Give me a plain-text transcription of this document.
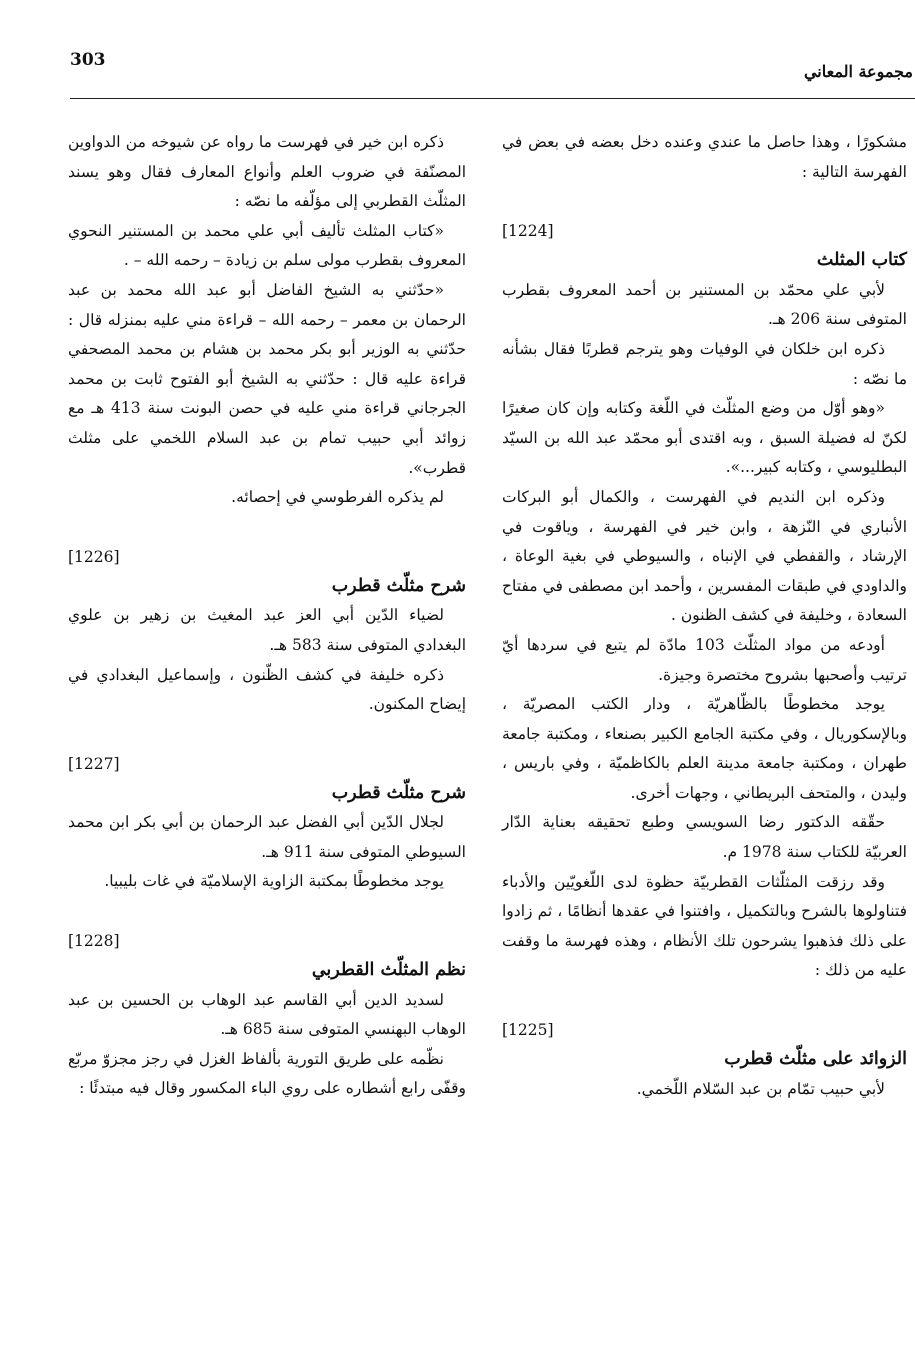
303
مجموعة المعاني

مشكورًا ، وهذا حاصل ما عندي وعنده دخل بعضه في بعض في الفهرسة التالية :

[1224]

كتاب المثلث

لأبي علي محمّد بن المستنير بن أحمد المعروف بقطرب المتوفى سنة 206 هـ.

ذكره ابن خلكان في الوفيات وهو يترجم قطربًا فقال بشأنه ما نصّه :

«وهو أوّل من وضع المثلّث في اللّغة وكتابه وإن كان صغيرًا لكنّ له فضيلة السبق ، وبه اقتدى أبو محمّد عبد الله بن السيّد البطليوسي ، وكتابه كبير...».

وذكره ابن النديم في الفهرست ، والكمال أبو البركات الأنباري في النّزهة ، وابن خير في الفهرسة ، وياقوت في الإرشاد ، والقفطي في الإنباه ، والسيوطي في بغية الوعاة ، والداودي في طبقات المفسرين ، وأحمد ابن مصطفى في مفتاح السعادة ، وخليفة في كشف الظنون .

أودعه من مواد المثلّث 103 مادّة لم يتبع في سردها أيّ ترتيب وأصحبها بشروح مختصرة وجيزة.

يوجد مخطوطًا بالظّاهريّة ، ودار الكتب المصريّة ، وبالإسكوريال ، وفي مكتبة الجامع الكبير بصنعاء ، ومكتبة جامعة طهران ، ومكتبة جامعة مدينة العلم بالكاظميّة ، وفي باريس ، وليدن ، والمتحف البريطاني ، وجهات أخرى.

حقّقه الدكتور رضا السويسي وطبع تحقيقه بعناية الدّار العربيّة للكتاب سنة 1978 م.

وقد رزقت المثلّثات القطربيّة حظوة لدى اللّغويّين والأدباء فتناولوها بالشرح وبالتكميل ، وافتنوا في عقدها أنظامًا ، ثم زادوا على ذلك فذهبوا يشرحون تلك الأنظام ، وهذه فهرسة ما وقفت عليه من ذلك :

[1225]

الزوائد على مثلّث قطرب

لأبي حبيب تمّام بن عبد السّلام اللّخمي.

ذكره ابن خير في فهرست ما رواه عن شيوخه من الدواوين المصنّفة في ضروب العلم وأنواع المعارف فقال وهو يسند المثلّث القطربي إلى مؤلّفه ما نصّه :

«كتاب المثلث تأليف أبي علي محمد بن المستنير النحوي المعروف بقطرب مولى سلم بن زيادة – رحمه الله – .

«حدّثني به الشيخ الفاضل أبو عبد الله محمد بن عبد الرحمان بن معمر – رحمه الله – قراءة مني عليه بمنزله قال : حدّثني به الوزير أبو بكر محمد بن هشام بن محمد المصحفي قراءة عليه قال : حدّثني به الشيخ أبو الفتوح ثابت بن محمد الجرجاني قراءة مني عليه في حصن البونت سنة 413 هـ مع زوائد أبي حبيب تمام بن عبد السلام اللخمي على مثلث قطرب».

لم يذكره الفرطوسي في إحصائه.

[1226]

شرح مثلّث قطرب

لضياء الدّين أبي العز عبد المغيث بن زهير بن علوي البغدادي المتوفى سنة 583 هـ.

ذكره خليفة في كشف الظّنون ، وإسماعيل البغدادي في إيضاح المكنون.

[1227]

شرح مثلّث قطرب

لجلال الدّين أبي الفضل عبد الرحمان بن أبي بكر ابن محمد السيوطي المتوفى سنة 911 هـ.

يوجد مخطوطًا بمكتبة الزاوية الإسلاميّة في غات بليبيا.

[1228]

نظم المثلّث القطربي

لسديد الدين أبي القاسم عبد الوهاب بن الحسين بن عبد الوهاب البهنسي المتوفى سنة 685 هـ.

نظّمه على طريق التورية بألفاظ الغزل في رجز مجزوّ مربّع وقفّى رابع أشطاره على روي الباء المكسور وقال فيه مبتدئًا :
